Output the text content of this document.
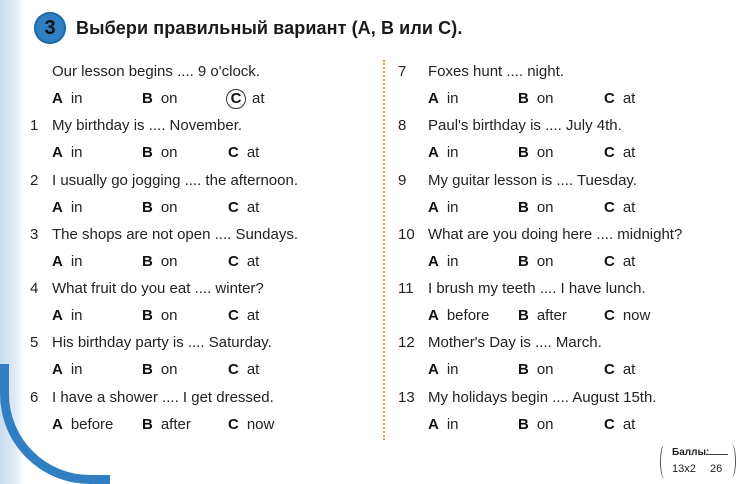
3	Выбери правильный вариант (A, B или C).
Our lesson begins .... 9 o'clock.
A in	B on	C at
1 My birthday is .... November.
A in	B on	C at
2 I usually go jogging .... the afternoon.
A in	B on	C at
3 The shops are not open .... Sundays.
A in	B on	C at
4 What fruit do you eat .... winter?
A in	B on	C at
5 His birthday party is .... Saturday.
A in	B on	C at
6 I have a shower .... I get dressed.
A before B after C now
7	Foxes hunt .... night.
A in	B on	C at
8	Paul's birthday is .... July 4th.
A in	B on	C at
9	My guitar lesson is .... Tuesday.
A in	B on	C at
10 What are you doing here .... midnight?
A in	B on	C at
11 I brush my teeth .... I have lunch.
A before B after C now
12 Mother's Day is .... March.
A in	B on	C at
13 My holidays begin .... August 15th.
A in	B on	C at
Баллы:
13x2 26
